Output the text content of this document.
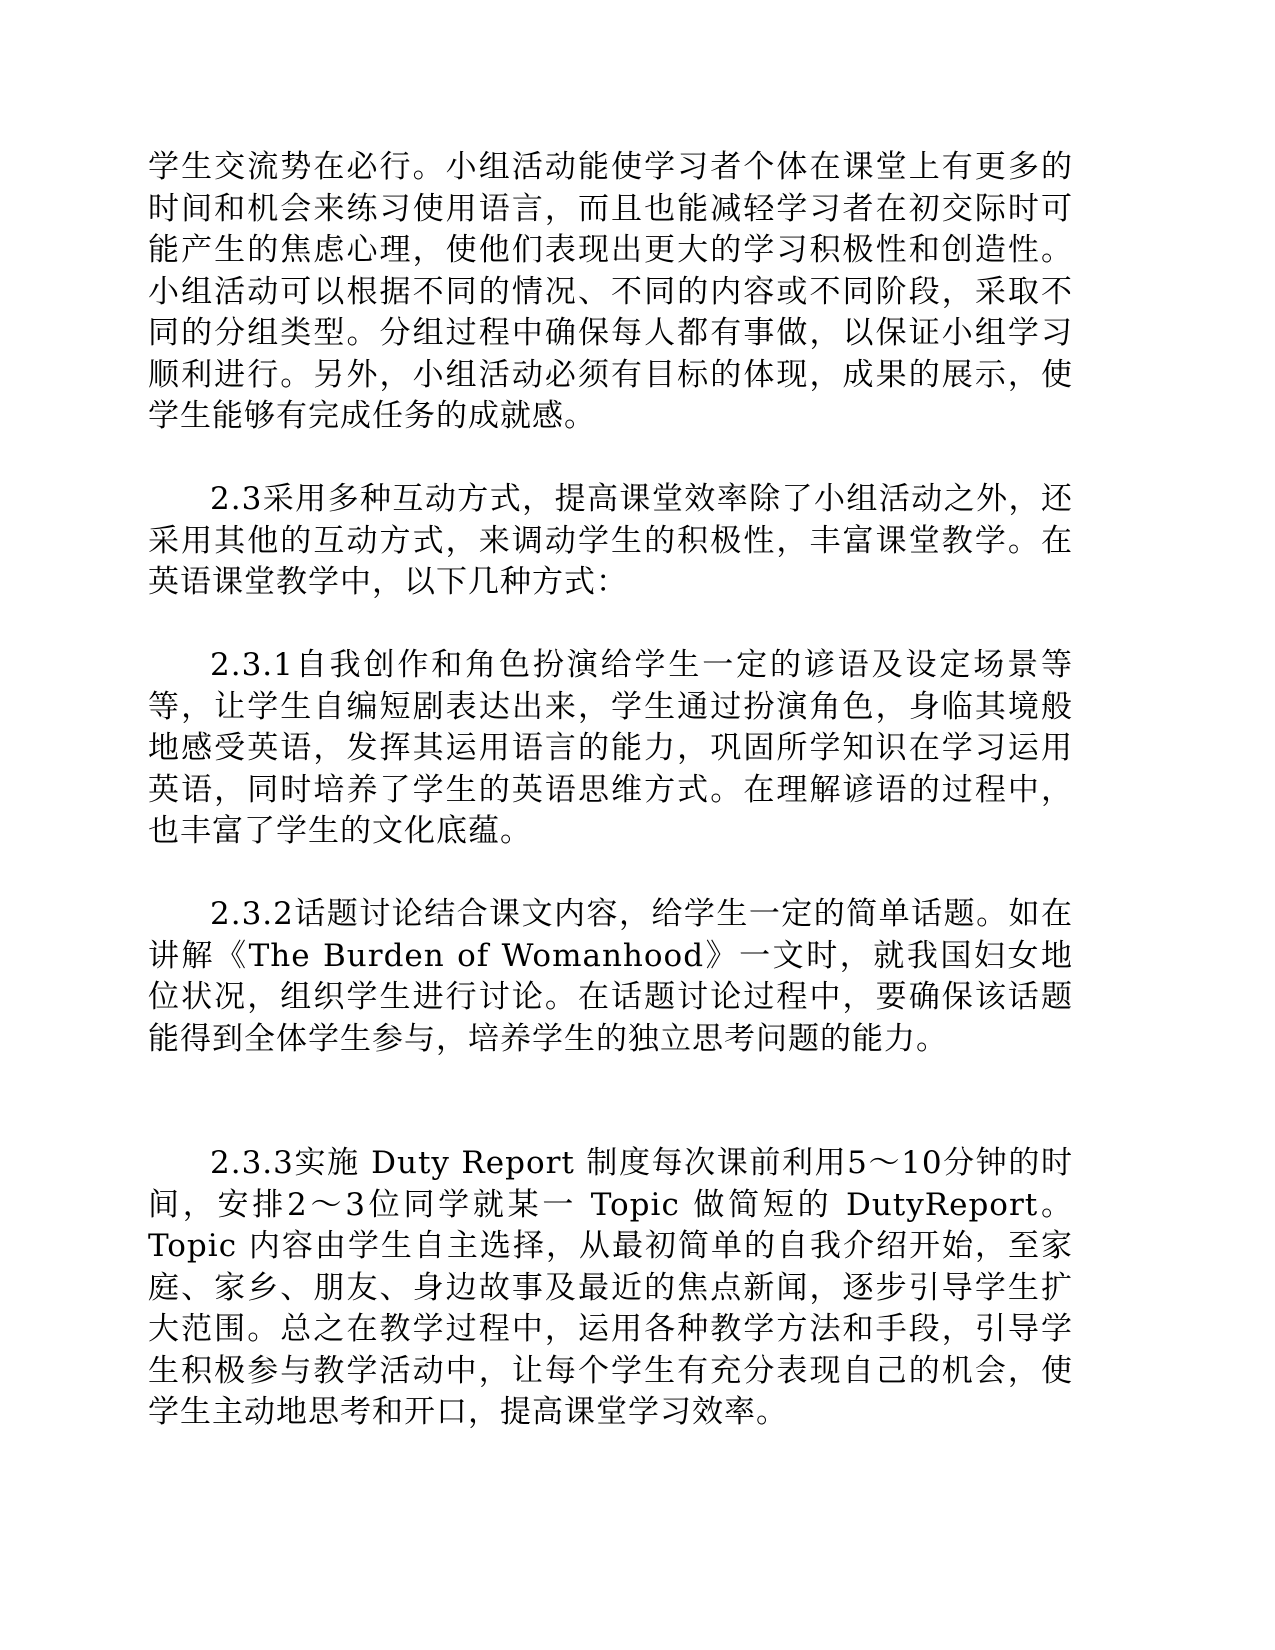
学生交流势在必行。小组活动能使学习者个体在课堂上有更多的时间和机会来练习使用语言，而且也能减轻学习者在初交际时可能产生的焦虑心理，使他们表现出更大的学习积极性和创造性。小组活动可以根据不同的情况、不同的内容或不同阶段，采取不同的分组类型。分组过程中确保每人都有事做，以保证小组学习顺利进行。另外，小组活动必须有目标的体现，成果的展示，使学生能够有完成任务的成就感。

2.3采用多种互动方式，提高课堂效率除了小组活动之外，还采用其他的互动方式，来调动学生的积极性，丰富课堂教学。在英语课堂教学中，以下几种方式：

2.3.1自我创作和角色扮演给学生一定的谚语及设定场景等等，让学生自编短剧表达出来，学生通过扮演角色，身临其境般地感受英语，发挥其运用语言的能力，巩固所学知识在学习运用英语，同时培养了学生的英语思维方式。在理解谚语的过程中，也丰富了学生的文化底蕴。

2.3.2话题讨论结合课文内容，给学生一定的简单话题。如在讲解《The Burden of Womanhood》一文时，就我国妇女地位状况，组织学生进行讨论。在话题讨论过程中，要确保该话题能得到全体学生参与，培养学生的独立思考问题的能力。

2.3.3实施 Duty Report 制度每次课前利用5～10分钟的时间，安排2～3位同学就某一 Topic 做简短的 DutyReport。Topic 内容由学生自主选择，从最初简单的自我介绍开始，至家庭、家乡、朋友、身边故事及最近的焦点新闻，逐步引导学生扩大范围。总之在教学过程中，运用各种教学方法和手段，引导学生积极参与教学活动中，让每个学生有充分表现自己的机会，使学生主动地思考和开口，提高课堂学习效率。
